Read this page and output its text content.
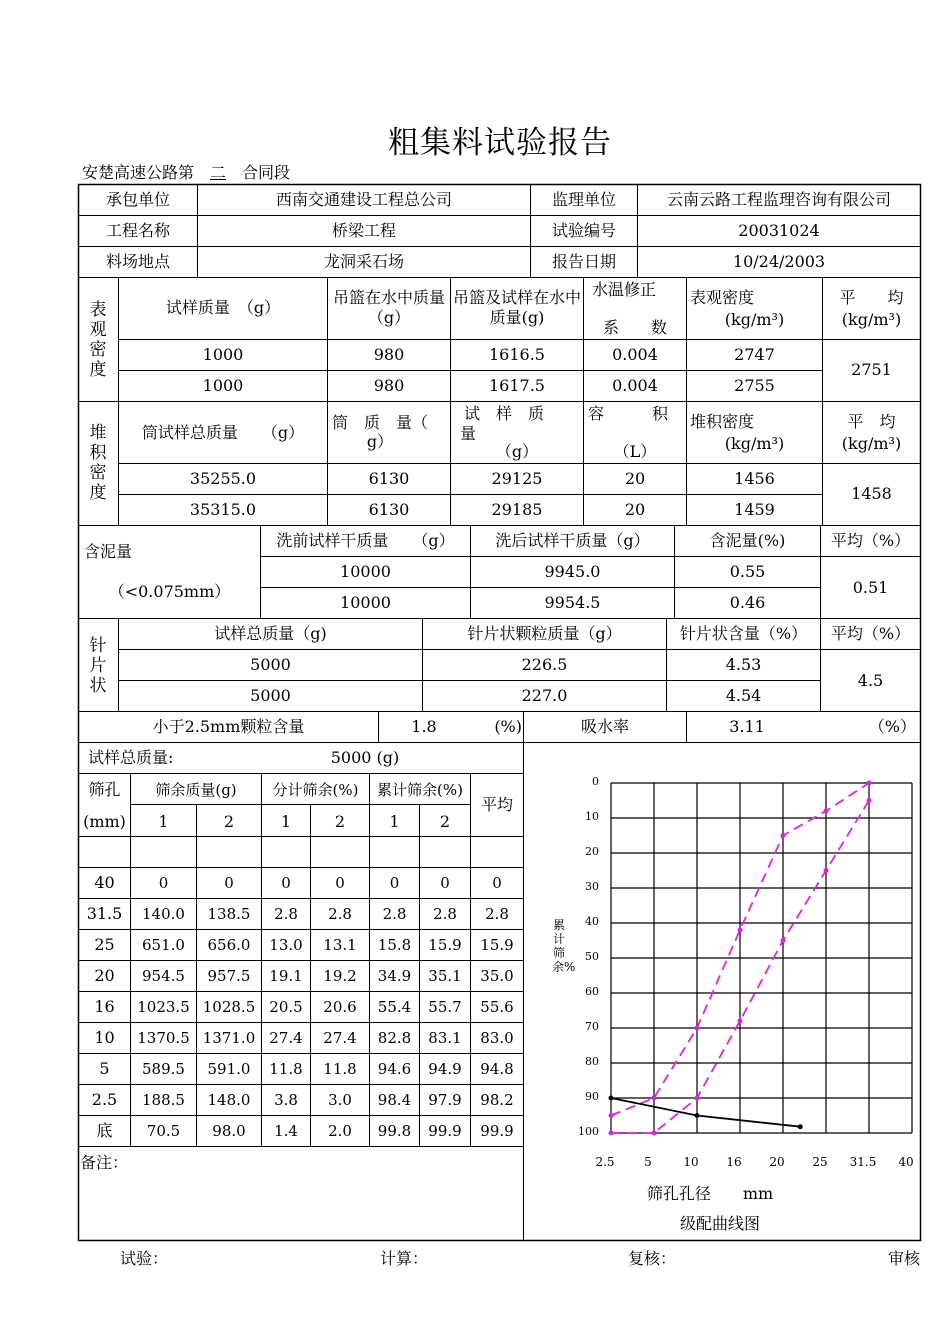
粗集料试验报告
安楚高速公路第 二 合同段
承包单位	西南交通建设工程总公司	监理单位	云南云路工程监理咨询有限公司
工程名称	桥梁工程	试验编号	20031024
料场地点	龙洞采石场	报告日期	10/24/2003
表观密度
试样质量　（g）
吊篮在水中质量（g）
吊篮及试样在水中质量(g)
水温修正
系　　数
表观密度
(kg/m³)
平　　均
(kg/m³)
1000	980	1616.5	0.004	2747
1000	980	1617.5	0.004	2755
2751
堆积密度
筒试样总质量　　（g）
筒　质　量（
g）
试　样　质
量
（g）
容　　　积
（L）
堆积密度
(kg/m³)
平　均
(kg/m³)
35255.0	6130	29125	20	1456
35315.0	6130	29185	20	1459
1458
含泥量
（<0.075mm）
洗前试样干质量　　（g）	洗后试样干质量（g）	含泥量(%)	平均（%）
10000	9945.0	0.55
10000	9954.5	0.46
0.51
针片状
试样总质量（g)	针片状颗粒质量（g）	针片状含量（%）	平均（%）
5000	226.5	4.53
5000	227.0	4.54
4.5
小于2.5mm颗粒含量	1.8	(%)	吸水率	3.11	（%）
试样总质量:	5000 (g)
筛孔
(mm)
筛余质量(g)	分计筛余(%)	累计筛余(%)
平均
1	2	1	2	1	2
40	0	0	0	0	0	0	0
31.5	140.0	138.5	2.8	2.8	2.8	2.8	2.8
25	651.0	656.0	13.0	13.1	15.8	15.9	15.9
20	954.5	957.5	19.1	19.2	34.9	35.1	35.0
16	1023.5 1028.5 20.5	20.6	55.4	55.7	55.6
10	1370.5 1371.0 27.4	27.4	82.8	83.1	83.0
5	589.5	591.0	11.8	11.8	94.6	94.9	94.8
2.5	188.5	148.0	3.8	3.0	98.4	97.9	98.2
底	70.5	98.0	1.4	2.0	99.8	99.9	99.9
备注：
0
10
20
30
40
50
60
70
80
90
100
2.5	5	10	16	20	25	31.5	40
累计筛余%
筛孔孔径　　mm
级配曲线图
试验：	计算：	复核：	审核
